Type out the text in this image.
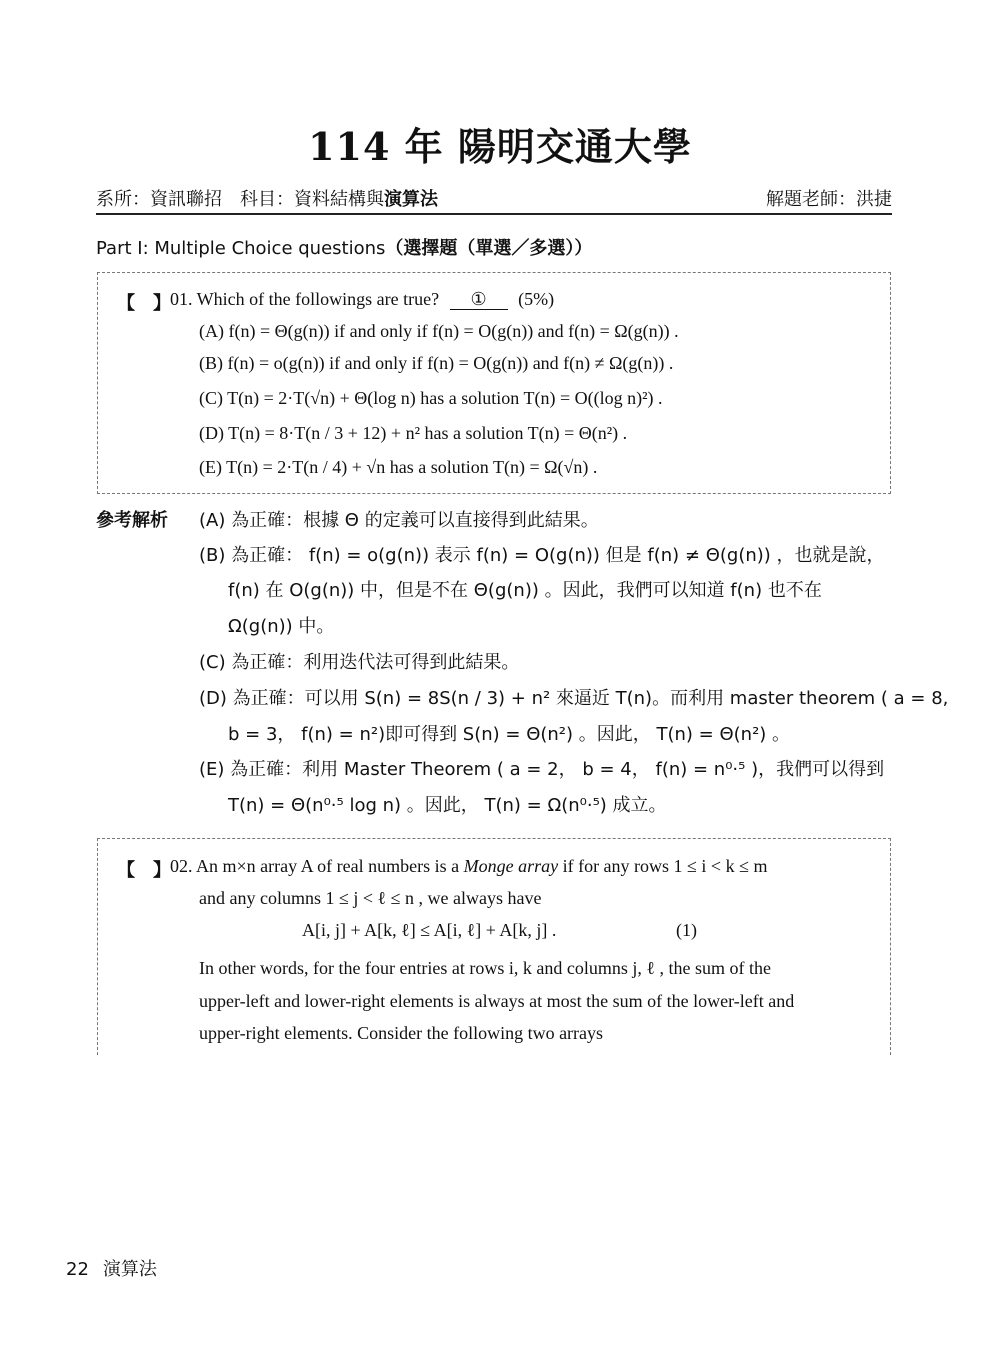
114 年 陽明交通大學
系所：資訊聯招　科目：資料結構與演算法	解題老師：洪捷
Part I: Multiple Choice questions（選擇題（單選／多選））
【　】 01. Which of the followings are true? ① (5%)
(A) f(n) = Θ(g(n)) if and only if f(n) = O(g(n)) and f(n) = Ω(g(n)) .
(B) f(n) = o(g(n)) if and only if f(n) = O(g(n)) and f(n) ≠ Ω(g(n)) .
(C) T(n) = 2·T(√n) + Θ(log n) has a solution T(n) = O((log n)²) .
(D) T(n) = 8·T(n / 3 + 12) + n² has a solution T(n) = Θ(n²) .
(E) T(n) = 2·T(n / 4) + √n has a solution T(n) = Ω(√n) .
參考解析 (A) 為正確：根據 Θ 的定義可以直接得到此結果。
(B) 為正確： f(n) = o(g(n)) 表示 f(n) = O(g(n)) 但是 f(n) ≠ Θ(g(n)) ，也就是說，
f(n) 在 O(g(n)) 中，但是不在 Θ(g(n)) 。因此，我們可以知道 f(n) 也不在
Ω(g(n)) 中。
(C) 為正確：利用迭代法可得到此結果。
(D) 為正確：可以用 S(n) = 8S(n / 3) + n² 來逼近 T(n)。而利用 master theorem ( a = 8,
b = 3， f(n) = n²)即可得到 S(n) = Θ(n²) 。因此， T(n) = Θ(n²) 。
(E) 為正確：利用 Master Theorem ( a = 2， b = 4， f(n) = n⁰·⁵ )，我們可以得到
T(n) = Θ(n⁰·⁵ log n) 。因此， T(n) = Ω(n⁰·⁵) 成立。
【　】 02. An m×n array A of real numbers is a Monge array if for any rows 1 ≤ i < k ≤ m
and any columns 1 ≤ j < ℓ ≤ n , we always have
A[i, j] + A[k, ℓ] ≤ A[i, ℓ] + A[k, j] .	(1)
In other words, for the four entries at rows i, k and columns j, ℓ , the sum of the
upper-left and lower-right elements is always at most the sum of the lower-left and
upper-right elements. Consider the following two arrays
22 演算法
